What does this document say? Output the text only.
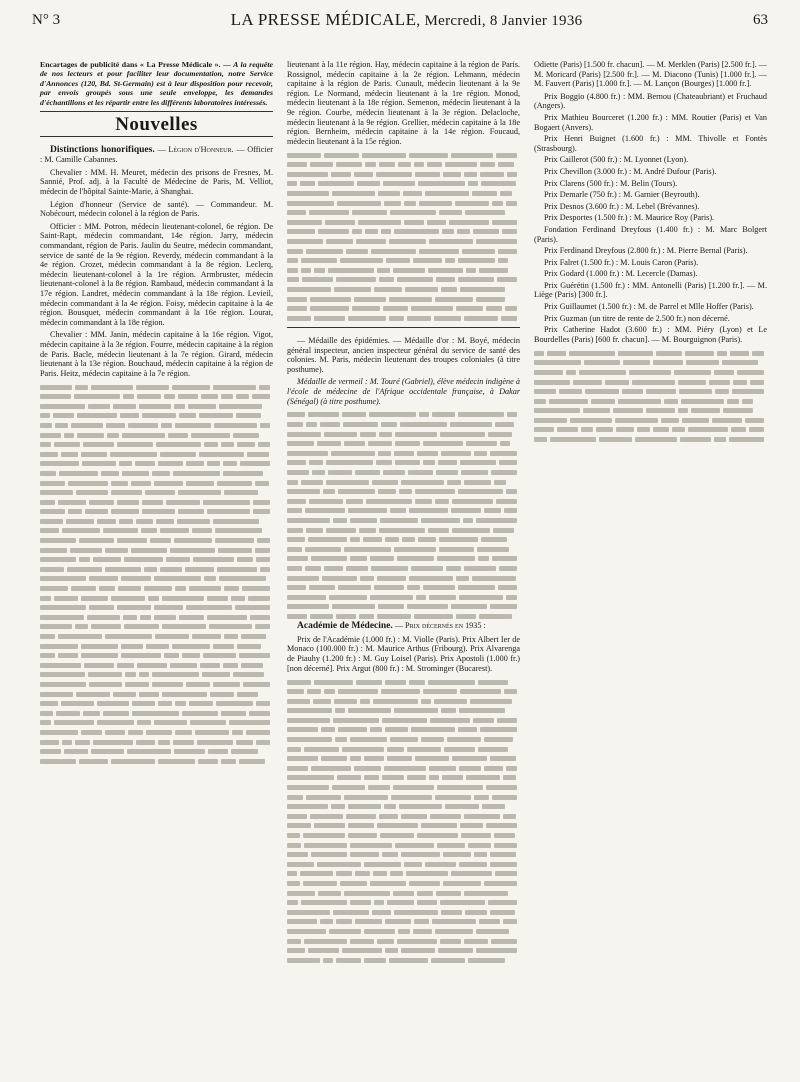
N° 3	LA PRESSE MÉDICALE, Mercredi, 8 Janvier 1936	63

Encartages de publicité dans « La Presse Médicale ». — A la requête de nos lecteurs et pour faciliter leur documentation, notre Service d'Annonces (120, Bd. St-Germain) est à leur disposition pour recevoir, par envois groupés sous une seule enveloppe, les demandes d'échantillons et les répartir entre les différents laboratoires intéressés.

Nouvelles

Distinctions honorifiques. — Légion d'Honneur. — Officier : M. Camille Cabannes.

Chevalier : MM. H. Meuret, médecin des prisons de Fresnes, M. Sannié, Prof. adj. à la Faculté de Médecine de Paris, M. Velliot, médecin de l'hôpital Sainte-Marie, à Shanghai.

Légion d'honneur (Service de santé). — Commandeur. M. Nobécourt, médecin colonel à la région de Paris.

Officier : MM. Potron, médecin lieutenant-colonel, 6e région. De Saint-Rapt, médecin commandant, 14e région. Jarry, médecin commandant, région de Paris. Jaulin du Seutre, médecin commandant, service de santé de la 9e région. Reverdy, médecin commandant à la 4e région. Crozet, médecin commandant à la 8e région. Leclerq, médecin lieutenant-colonel à la 1re région. Armbruster, médecin lieutenant-colonel à la 8e région. Rambaud, médecin commandant à la 17e région. Landret, médecin commandant à la 18e région. Levieil, médecin commandant à la 4e région. Foisy, médecin capitaine à la 4e région. Bousquet, médecin commandant à la 16e région. Lourat, médecin commandant à la 18e région.

Chevalier : MM. Janin, médecin capitaine à la 16e région. Vigot, médecin capitaine à la 3e région. Fourre, médecin capitaine à la région de Paris. Bacle, médecin lieutenant à la 7e région. Girard, médecin lieutenant à la 13e région. Bouchaud, médecin capitaine à la région de Paris. Heitz, médecin capitaine à la 7e région.

lieutenant à la 11e région. Hay, médecin capitaine à la région de Paris. Rossignol, médecin capitaine à la 2e région. Lehmann, médecin capitaine à la région de Paris. Cunault, médecin lieutenant à la 9e région. Le Normand, médecin lieutenant à la 1re région. Monod, médecin lieutenant à la 18e région. Semenon, médecin lieutenant à la 9e région. Courbe, médecin lieutenant à la 3e région. Delacloche, médecin lieutenant à la 9e région. Grellier, médecin capitaine à la 18e région. Bernheim, médecin capitaine à la 14e région. Foucaud, médecin lieutenant à la 15e région.

— Médaille des épidémies. — Médaille d'or : M. Boyé, médecin général inspecteur, ancien inspecteur général du service de santé des colonies. M. Paris, médecin lieutenant des troupes coloniales (à titre posthume).

Médaille de vermeil : M. Touré (Gabriel), élève médecin indigène à l'école de médecine de l'Afrique occidentale française, à Dakar (Sénégal) (à titre posthume).

Académie de Médecine. — Prix décernés en 1935 :

Prix de l'Académie (1.000 fr.) : M. Violle (Paris). Prix Albert Ier de Monaco (100.000 fr.) : M. Maurice Arthus (Fribourg). Prix Alvarenga de Piauhy (1.200 fr.) : M. Guy Loisel (Paris). Prix Apostoli (1.000 fr.) [non décerné]. Prix Argut (800 fr.) : M. Strominger (Bucarest).

Odiette (Paris) [1.500 fr. chacun]. — M. Merklen (Paris) [2.500 fr.]. — M. Moricard (Paris) [2.500 fr.]. — M. Diacono (Tunis) [1.000 fr.]. — M. Fauvert (Paris) [1.000 fr.]. — M. Lançon (Bourges) [1.000 fr.].

Prix Boggio (4.800 fr.) : MM. Bernou (Chateaubriant) et Fruchaud (Angers).

Prix Mathieu Bourceret (1.200 fr.) : MM. Routier (Paris) et Van Bogaert (Anvers).

Prix Henri Buignet (1.600 fr.) : MM. Thivolle et Fontès (Strasbourg).

Prix Caillerot (500 fr.) : M. Lyonnet (Lyon).

Prix Chevillon (3.000 fr.) : M. André Dufour (Paris).

Prix Clarens (500 fr.) : M. Belin (Tours).

Prix Demarle (750 fr.) : M. Garnier (Beyrouth).

Prix Desnos (3.600 fr.) : M. Lebel (Brévannes).

Prix Desportes (1.500 fr.) : M. Maurice Roy (Paris).

Fondation Ferdinand Dreyfous (1.400 fr.) : M. Marc Bolgert (Paris).

Prix Ferdinand Dreyfous (2.800 fr.) : M. Pierre Bernal (Paris).

Prix Falret (1.500 fr.) : M. Louis Caron (Paris).

Prix Godard (1.000 fr.) : M. Lecercle (Damas).

Prix Guérétin (1.500 fr.) : MM. Antonelli (Paris) [1.200 fr.]. — M. Liège (Paris) [300 fr.].

Prix Guillaumet (1.500 fr.) : M. de Parrel et Mlle Hoffer (Paris).

Prix Guzman (un titre de rente de 2.500 fr.) non décerné.

Prix Catherine Hadot (3.600 fr.) : MM. Piéry (Lyon) et Le Bourdelles (Paris) [600 fr. chacun]. — M. Bourguignon (Paris).
